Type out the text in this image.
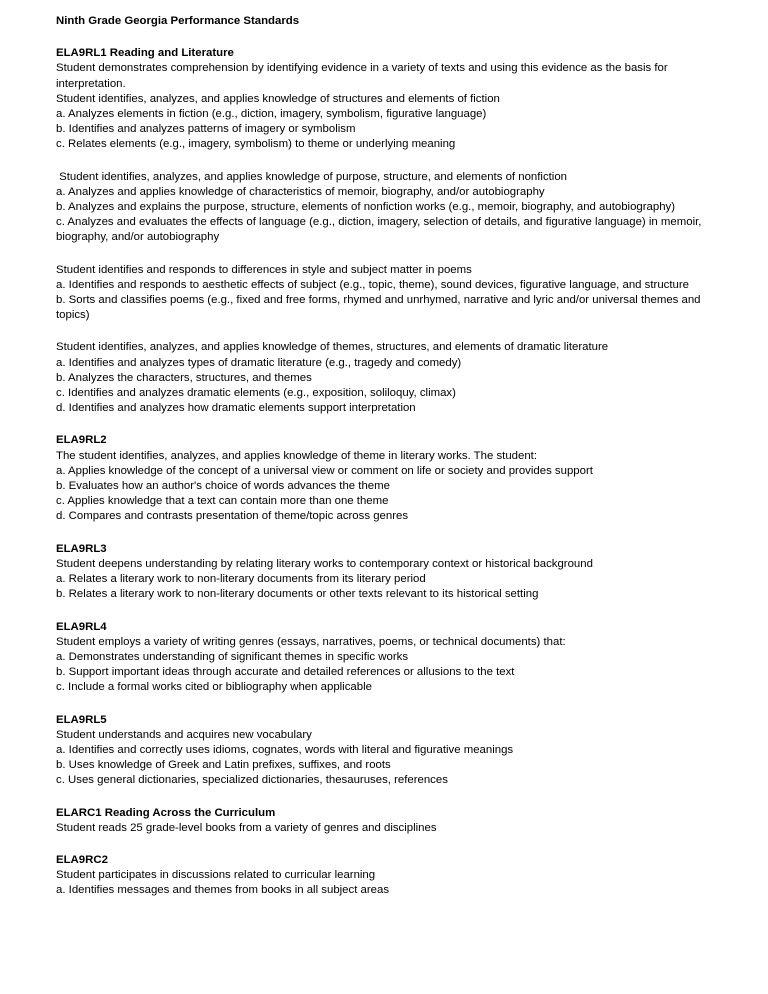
Ninth Grade Georgia Performance Standards

ELA9RL1 Reading and Literature

Student demonstrates comprehension by identifying evidence in a variety of texts and using this evidence as the basis for interpretation.

Student identifies, analyzes, and applies knowledge of structures and elements of fiction

a. Analyzes elements in fiction (e.g., diction, imagery, symbolism, figurative language)

b. Identifies and analyzes patterns of imagery or symbolism

c. Relates elements (e.g., imagery, symbolism) to theme or underlying meaning

Student identifies, analyzes, and applies knowledge of purpose, structure, and elements of nonfiction

a. Analyzes and applies knowledge of characteristics of memoir, biography, and/or autobiography

b. Analyzes and explains the purpose, structure, elements of nonfiction works (e.g., memoir, biography, and autobiography)

c. Analyzes and evaluates the effects of language (e.g., diction, imagery, selection of details, and figurative language) in memoir, biography, and/or autobiography

Student identifies and responds to differences in style and subject matter in poems

a. Identifies and responds to aesthetic effects of subject (e.g., topic, theme), sound devices, figurative language, and structure

b. Sorts and classifies poems (e.g., fixed and free forms, rhymed and unrhymed, narrative and lyric and/or universal themes and topics)

Student identifies, analyzes, and applies knowledge of themes, structures, and elements of dramatic literature

a. Identifies and analyzes types of dramatic literature (e.g., tragedy and comedy)

b. Analyzes the characters, structures, and themes

c. Identifies and analyzes dramatic elements (e.g., exposition, soliloquy, climax)

d. Identifies and analyzes how dramatic elements support interpretation

ELA9RL2

The student identifies, analyzes, and applies knowledge of theme in literary works. The student:

a. Applies knowledge of the concept of a universal view or comment on life or society and provides support

b. Evaluates how an author's choice of words advances the theme

c. Applies knowledge that a text can contain more than one theme

d. Compares and contrasts presentation of theme/topic across genres

ELA9RL3

Student deepens understanding by relating literary works to contemporary context or historical background

a. Relates a literary work to non-literary documents from its literary period

b. Relates a literary work to non-literary documents or other texts relevant to its historical setting

ELA9RL4

Student employs a variety of writing genres (essays, narratives, poems, or technical documents) that:

a. Demonstrates understanding of significant themes in specific works

b. Support important ideas through accurate and detailed references or allusions to the text

c. Include a formal works cited or bibliography when applicable

ELA9RL5

Student understands and acquires new vocabulary

a. Identifies and correctly uses idioms, cognates, words with literal and figurative meanings

b. Uses knowledge of Greek and Latin prefixes, suffixes, and roots

c. Uses general dictionaries, specialized dictionaries, thesauruses, references

ELARC1 Reading Across the Curriculum

Student reads 25 grade-level books from a variety of genres and disciplines

ELA9RC2

Student participates in discussions related to curricular learning

a. Identifies messages and themes from books in all subject areas
